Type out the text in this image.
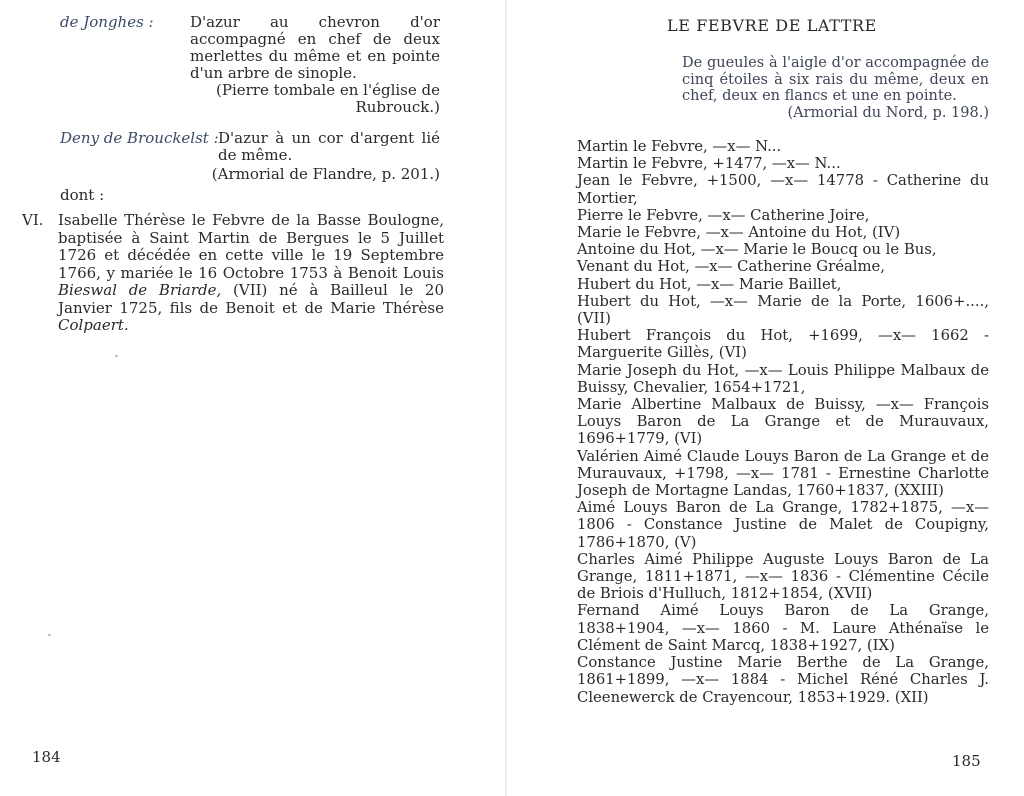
de Jonghes : D'azur au chevron d'or accompagné en chef de deux merlettes du même et en pointe d'un arbre de sinople.
(Pierre tombale en l'église de Rubrouck.)
Deny de Brouckelst : D'azur à un cor d'argent lié de même.
(Armorial de Flandre, p. 201.)
dont :
VI. Isabelle Thérèse le Febvre de la Basse Boulogne, baptisée à Saint Martin de Bergues le 5 Juillet 1726 et décédée en cette ville le 19 Septembre 1766, y mariée le 16 Octobre 1753 à Benoit Louis Bieswal de Briarde, (VII) né à Bailleul le 20 Janvier 1725, fils de Benoit et de Marie Thérèse Colpaert.
184
LE FEBVRE DE LATTRE
De gueules à l'aigle d'or accompagnée de cinq étoiles à six rais du même, deux en chef, deux en flancs et une en pointe.
(Armorial du Nord, p. 198.)
Martin le Febvre, —x— N...
Martin le Febvre, +1477, —x— N...
Jean le Febvre, +1500, —x— 14778 - Catherine du Mortier,
Pierre le Febvre, —x— Catherine Joire,
Marie le Febvre, —x— Antoine du Hot, (IV)
Antoine du Hot, —x— Marie le Boucq ou le Bus,
Venant du Hot, —x— Catherine Gréalme,
Hubert du Hot, —x— Marie Baillet,
Hubert du Hot, —x— Marie de la Porte, 1606+...., (VII)
Hubert François du Hot, +1699, —x— 1662 - Marguerite Gillès, (VI)
Marie Joseph du Hot, —x— Louis Philippe Malbaux de Buissy, Chevalier, 1654+1721,
Marie Albertine Malbaux de Buissy, —x— François Louys Baron de La Grange et de Murauvaux, 1696+1779, (VI)
Valérien Aimé Claude Louys Baron de La Grange et de Murauvaux, +1798, —x— 1781 - Ernestine Charlotte Joseph de Mortagne Landas, 1760+1837, (XXIII)
Aimé Louys Baron de La Grange, 1782+1875, —x— 1806 - Constance Justine de Malet de Coupigny, 1786+1870, (V)
Charles Aimé Philippe Auguste Louys Baron de La Grange, 1811+1871, —x— 1836 - Clémentine Cécile de Briois d'Hulluch, 1812+1854, (XVII)
Fernand Aimé Louys Baron de La Grange, 1838+1904, —x— 1860 - M. Laure Athénaïse le Clément de Saint Marcq, 1838+1927, (IX)
Constance Justine Marie Berthe de La Grange, 1861+1899, —x— 1884 - Michel Réné Charles J. Cleenewerck de Crayencour, 1853+1929. (XII)
185
